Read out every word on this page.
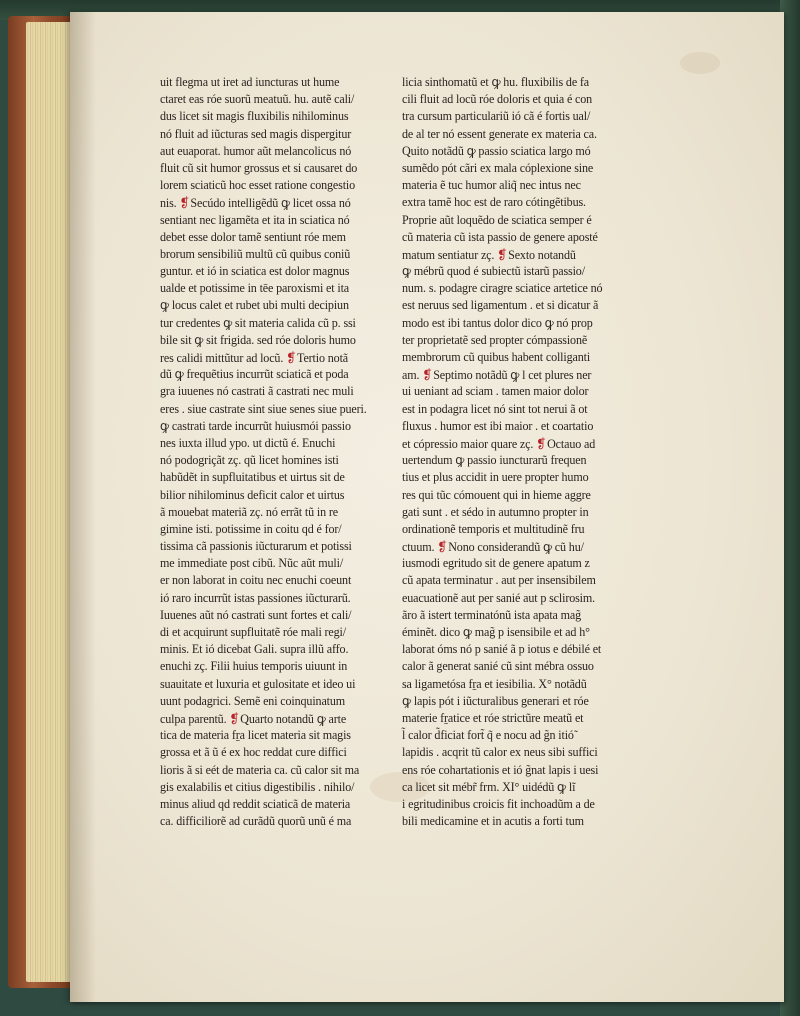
uit flegma ut iret ad iuncturas ut hume
ctaret eas róe suorũ meatuũ. hu. autẽ cali/
dus licet sit magis fluxibilis nihilominus
nó fluit ad iũcturas sed magis dispergitur
aut euaporat. humor aũt melancolicus nó
fluit cũ sit humor grossus et si causaret do
lorem sciaticũ hoc esset ratione congestio
nis. ❡Secúdo intelligẽdũ ꝙ licet ossa nó
sentiant nec ligamẽta et ita in sciatica nó
debet esse dolor tamẽ sentiunt róe mem
brorum sensibiliũ multũ cũ quibus coniũ
guntur. et ió in sciatica est dolor magnus
ualde et potissime in tēe paroxismi et ita
ꝙ locus calet et rubet ubi multi decipiun
tur credentes ꝙ sit materia calida cũ p. ssi
bile sit ꝙ sit frigida. sed róe doloris humo
res calidi mittũtur ad locũ. ❡Tertio notã
dũ ꝙ frequẽtius incurrũt sciaticã et poda
gra iuuenes nó castrati ã castrati nec muli
eres . siue castrate sint siue senes siue pueri.
ꝙ castrati tarde incurrũt huiusmói passio
nes iuxta illud ypo. ut dictũ é. Enuchi
nó podogriçãt zç. qũ licet homines isti
habũdẽt in supfluitatibus et uirtus sit de
bilior nihilominus deficit calor et uirtus
ã mouebat materiã zç. nó errãt tũ in re
gimine isti. potissime in coitu qd é for/
tissima cã passionis iũcturarum et potissi
me immediate post cibũ. Nũc aũt muli/
er non laborat in coitu nec enuchi coeunt
ió raro incurrũt istas passiones iũcturarũ.
Iuuenes aũt nó castrati sunt fortes et cali/
di et acquirunt supfluitatẽ róe mali regi/
minis. Et ió dicebat Gali. supra illũ affo.
enuchi zç. Filii huius temporis uiuunt in
suauitate et luxuria et gulositate et ideo ui
uunt podagrici. Semẽ eni coinquinatum
culpa parentũ. ❡Quarto notandũ ꝙ arte
tica de materia fṟa licet materia sit magis
grossa et ã ũ é ex hoc reddat cure diffici
lioris ã si eét de materia ca. cũ calor sit ma
gis exalabilis et citius digestibilis . nihilo/
minus aliud qd reddit sciaticã de materia
ca. difficiliorẽ ad curãdũ quorũ unũ é ma
licia sinthomatũ et ꝙ hu. fluxibilis de fa
cili fluit ad locũ róe doloris et quia é con
tra cursum particulariũ ió cã é fortis ual/
de al ter nó essent generate ex materia ca.
Quito notãdũ ꝙ passio sciatica largo mó
sumẽdo pót cãri ex mala cóplexione sine
materia ẽ tuc humor aliq̃ nec intus nec
extra tamẽ hoc est de raro cótingẽtibus.
Proprie aũt loquẽdo de sciatica semper é
cũ materia cũ ista passio de genere aposté
matum sentiatur zç. ❡Sexto notandũ
ꝙ mébrũ quod é subiectũ istarũ passio/
num. s. podagre ciragre sciatice artetice nó
est neruus sed ligamentum . et si dicatur ã
modo est ibi tantus dolor dico ꝙ nó prop
ter proprietatẽ sed propter cómpassionẽ
membrorum cũ quibus habent colliganti
am. ❡Septimo notãdũ ꝙ l cet plures ner
ui ueniant ad sciam . tamen maior dolor
est in podagra licet nó sint tot nerui ã ot
fluxus . humor est ibi maior . et coartatio
et cópressio maior quare zç. ❡Octauo ad
uertendum ꝙ passio iuncturarũ frequen
tius et plus accidit in uere propter humo
res qui tũc cómouent qui in hieme aggre
gati sunt . et sédo in autumno propter in
ordinationẽ temporis et multitudinẽ fru
ctuum. ❡Nono considerandũ ꝙ cũ hu/
iusmodi egritudo sit de genere apatum z
cũ apata terminatur . aut per insensibilem
euacuationẽ aut per sanié aut p sclirosim.
ãro ã istert terminatónũ ista apata mag̃
éminẽt. dico ꝙ mag̃ p isensibile et ad h°
laborat óms nó p sanié ã p iotus e débilé et
calor ã generat sanié cũ sint mébra ossuo
sa ligametósa fṟa et iesibilia. X° notãdũ
ꝙ lapis pót i iũcturalibus generari et róe
materie fṟatice et róe strictũre meatũ et
l̃ calor d̃ficiat fort̃ q̃ e nocu ad g̃n itió̃
lapidis . acqrit tũ calor ex neus sibi suffici
ens róe cohartationis et ió g̃nat lapis i uesi
ca licet sit mébr̃ frm. XI° uidédũ ꝙ lĩ
i egritudinibus croicis fit inchoadũm a de
bili medicamine et in acutis a forti tum
